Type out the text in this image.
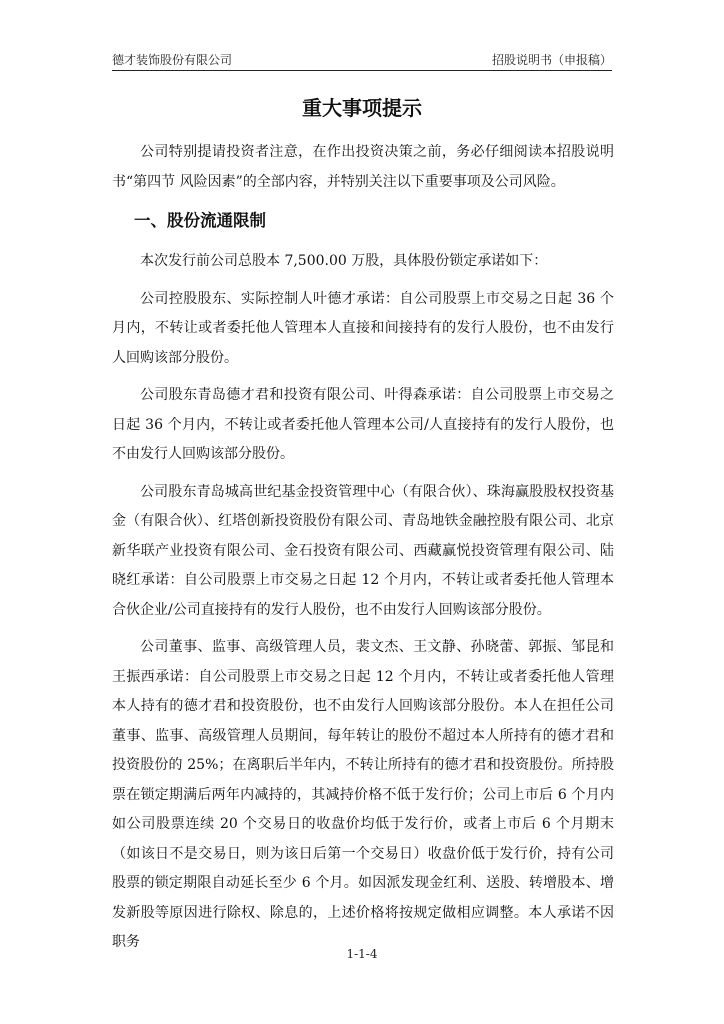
德才装饰股份有限公司	招股说明书（申报稿）
重大事项提示

公司特别提请投资者注意，在作出投资决策之前，务必仔细阅读本招股说明书“第四节 风险因素”的全部内容，并特别关注以下重要事项及公司风险。

一、股份流通限制

本次发行前公司总股本 7,500.00 万股，具体股份锁定承诺如下：

公司控股股东、实际控制人叶德才承诺：自公司股票上市交易之日起 36 个月内，不转让或者委托他人管理本人直接和间接持有的发行人股份，也不由发行人回购该部分股份。

公司股东青岛德才君和投资有限公司、叶得森承诺：自公司股票上市交易之日起 36 个月内，不转让或者委托他人管理本公司/人直接持有的发行人股份，也不由发行人回购该部分股份。

公司股东青岛城高世纪基金投资管理中心（有限合伙）、珠海赢股股权投资基金（有限合伙）、红塔创新投资股份有限公司、青岛地铁金融控股有限公司、北京新华联产业投资有限公司、金石投资有限公司、西藏赢悦投资管理有限公司、陆晓红承诺：自公司股票上市交易之日起 12 个月内，不转让或者委托他人管理本合伙企业/公司直接持有的发行人股份，也不由发行人回购该部分股份。

公司董事、监事、高级管理人员，裴文杰、王文静、孙晓蕾、郭振、邹昆和王振西承诺：自公司股票上市交易之日起 12 个月内，不转让或者委托他人管理本人持有的德才君和投资股份，也不由发行人回购该部分股份。本人在担任公司董事、监事、高级管理人员期间，每年转让的股份不超过本人所持有的德才君和投资股份的 25%；在离职后半年内，不转让所持有的德才君和投资股份。所持股票在锁定期满后两年内减持的，其减持价格不低于发行价；公司上市后 6 个月内如公司股票连续 20 个交易日的收盘价均低于发行价，或者上市后 6 个月期末（如该日不是交易日，则为该日后第一个交易日）收盘价低于发行价，持有公司股票的锁定期限自动延长至少 6 个月。如因派发现金红利、送股、转增股本、增发新股等原因进行除权、除息的，上述价格将按规定做相应调整。本人承诺不因职务

1-1-4
